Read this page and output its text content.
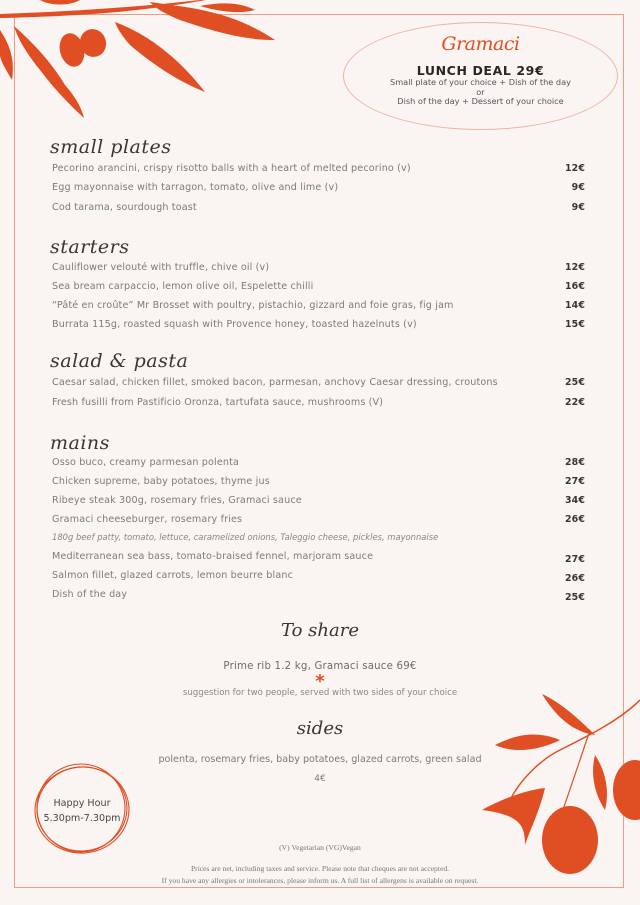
Gramaci
LUNCH DEAL 29€
Small plate of your choice + Dish of the day
or
Dish of the day + Dessert of your choice
small plates
Pecorino arancini, crispy risotto balls with a heart of melted pecorino (v)	12€
Egg mayonnaise with tarragon, tomato, olive and lime (v)	9€
Cod tarama, sourdough toast	9€
starters
Cauliflower velouté with truffle, chive oil (v)	12€
Sea bream carpaccio, lemon olive oil, Espelette chilli	16€
“Pâté en croûte” Mr Brosset with poultry, pistachio, gizzard and foie gras, fig jam	14€
Burrata 115g, roasted squash with Provence honey, toasted hazelnuts (v)	15€
salad & pasta
Caesar salad, chicken fillet, smoked bacon, parmesan, anchovy Caesar dressing, croutons	25€
Fresh fusilli from Pastificio Oronza, tartufata sauce, mushrooms (V)	22€
mains
Osso buco, creamy parmesan polenta	28€
Chicken supreme, baby potatoes, thyme jus	27€
Ribeye steak 300g, rosemary fries, Gramaci sauce	34€
Gramaci cheeseburger, rosemary fries	26€
180g beef patty, tomato, lettuce, caramelized onions, Taleggio cheese, pickles, mayonnaise
Mediterranean sea bass, tomato-braised fennel, marjoram sauce	27€
Salmon fillet, glazed carrots, lemon beurre blanc	26€
Dish of the day	25€
To share
Prime rib 1.2 kg, Gramaci sauce 69€
*
suggestion for two people, served with two sides of your choice
sides
polenta, rosemary fries, baby potatoes, glazed carrots, green salad
4€
Happy Hour
5.30pm-7.30pm
(V) Vegetarian (VG)Vegan
Prices are net, including taxes and service. Please note that cheques are not accepted.
If you have any allergies or intolerances, please inform us. A full list of allergens is available on request.
